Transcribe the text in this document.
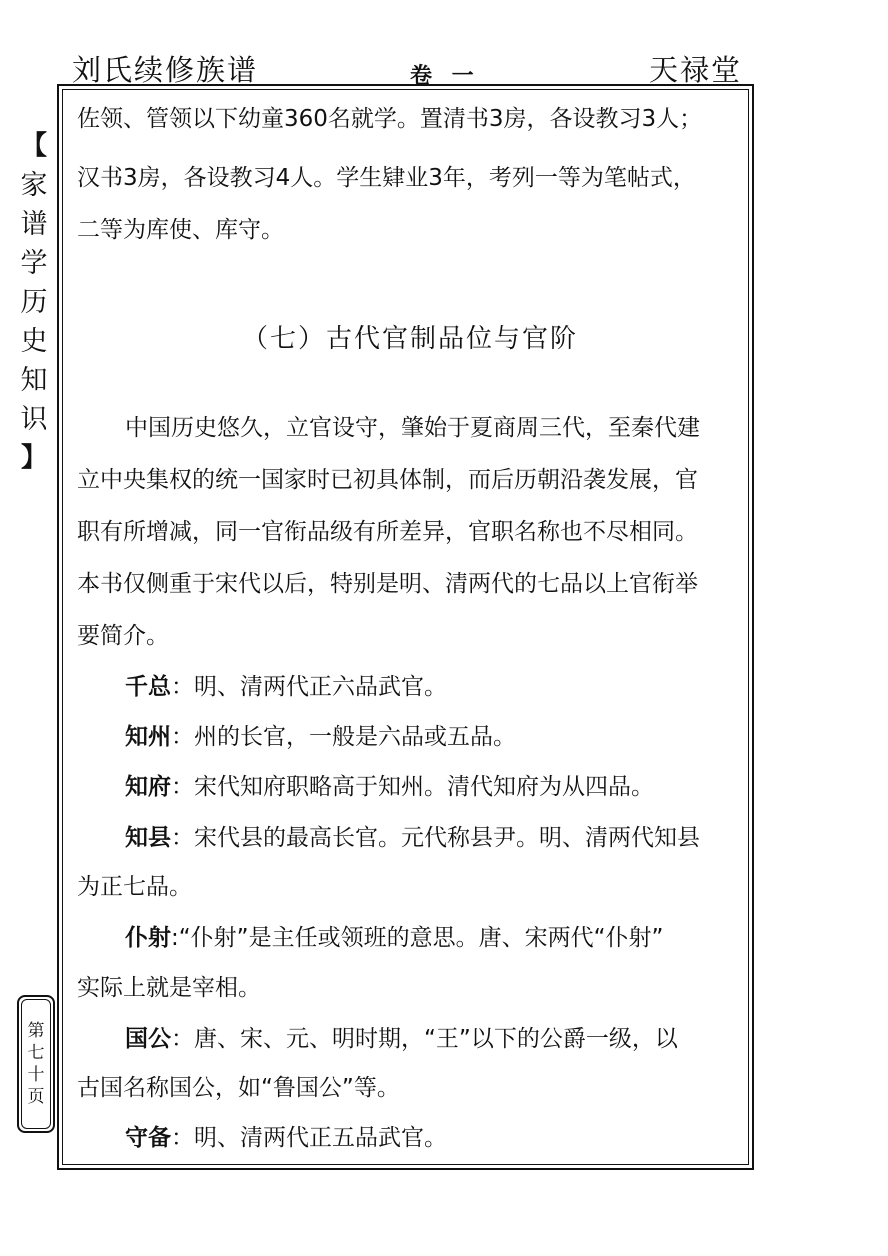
刘氏续修族谱	卷 一	天禄堂
【
家
谱
学
历
史
知
识
】
第
七
十
页
佐领、管领以下幼童360名就学。置清书3房，各设教习3人；
汉书3房，各设教习4人。学生肄业3年，考列一等为笔帖式，
二等为库使、库守。
中国历史悠久，立官设守，肇始于夏商周三代，至秦代建
立中央集权的统一国家时已初具体制，而后历朝沿袭发展，官
职有所增减，同一官衔品级有所差异，官职名称也不尽相同。
本书仅侧重于宋代以后，特别是明、清两代的七品以上官衔举
要简介。
千总：明、清两代正六品武官。
知州：州的长官，一般是六品或五品。
知府：宋代知府职略高于知州。清代知府为从四品。
知县：宋代县的最高长官。元代称县尹。明、清两代知县
为正七品。
仆射:“仆射”是主任或领班的意思。唐、宋两代“仆射”
实际上就是宰相。
国公：唐、宋、元、明时期，“王”以下的公爵一级，以
古国名称国公，如“鲁国公”等。
守备：明、清两代正五品武官。
（七）古代官制品位与官阶
